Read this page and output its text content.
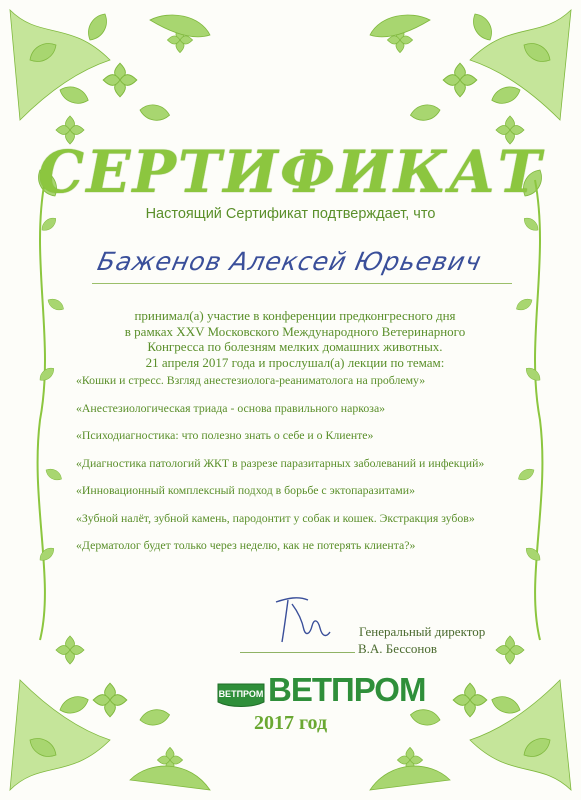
СЕРТИФИКАТ
Настоящий Сертификат подтверждает, что
Баженов Алексей Юрьевич
принимал(а) участие в конференции предконгресного дня
в рамках XXV Московского Международного Ветеринарного
Конгресса по болезням мелких домашних животных.
21 апреля 2017 года и прослушал(а) лекции по темам:
«Кошки и стресс. Взгляд анестезиолога-реаниматолога на проблему»
«Анестезиологическая триада - основа правильного наркоза»
«Психодиагностика: что полезно знать о себе и о Клиенте»
«Диагностика патологий ЖКТ в разрезе паразитарных заболеваний и инфекций»
«Инновационный комплексный подход в борьбе с эктопаразитами»
«Зубной налёт, зубной камень, пародонтит у собак и кошек. Экстракция зубов»
«Дерматолог будет только через неделю, как не потерять клиента?»
Генеральный директор
В.А. Бессонов
ВЕТПРОМ ВЕТПРОМ
2017 год
